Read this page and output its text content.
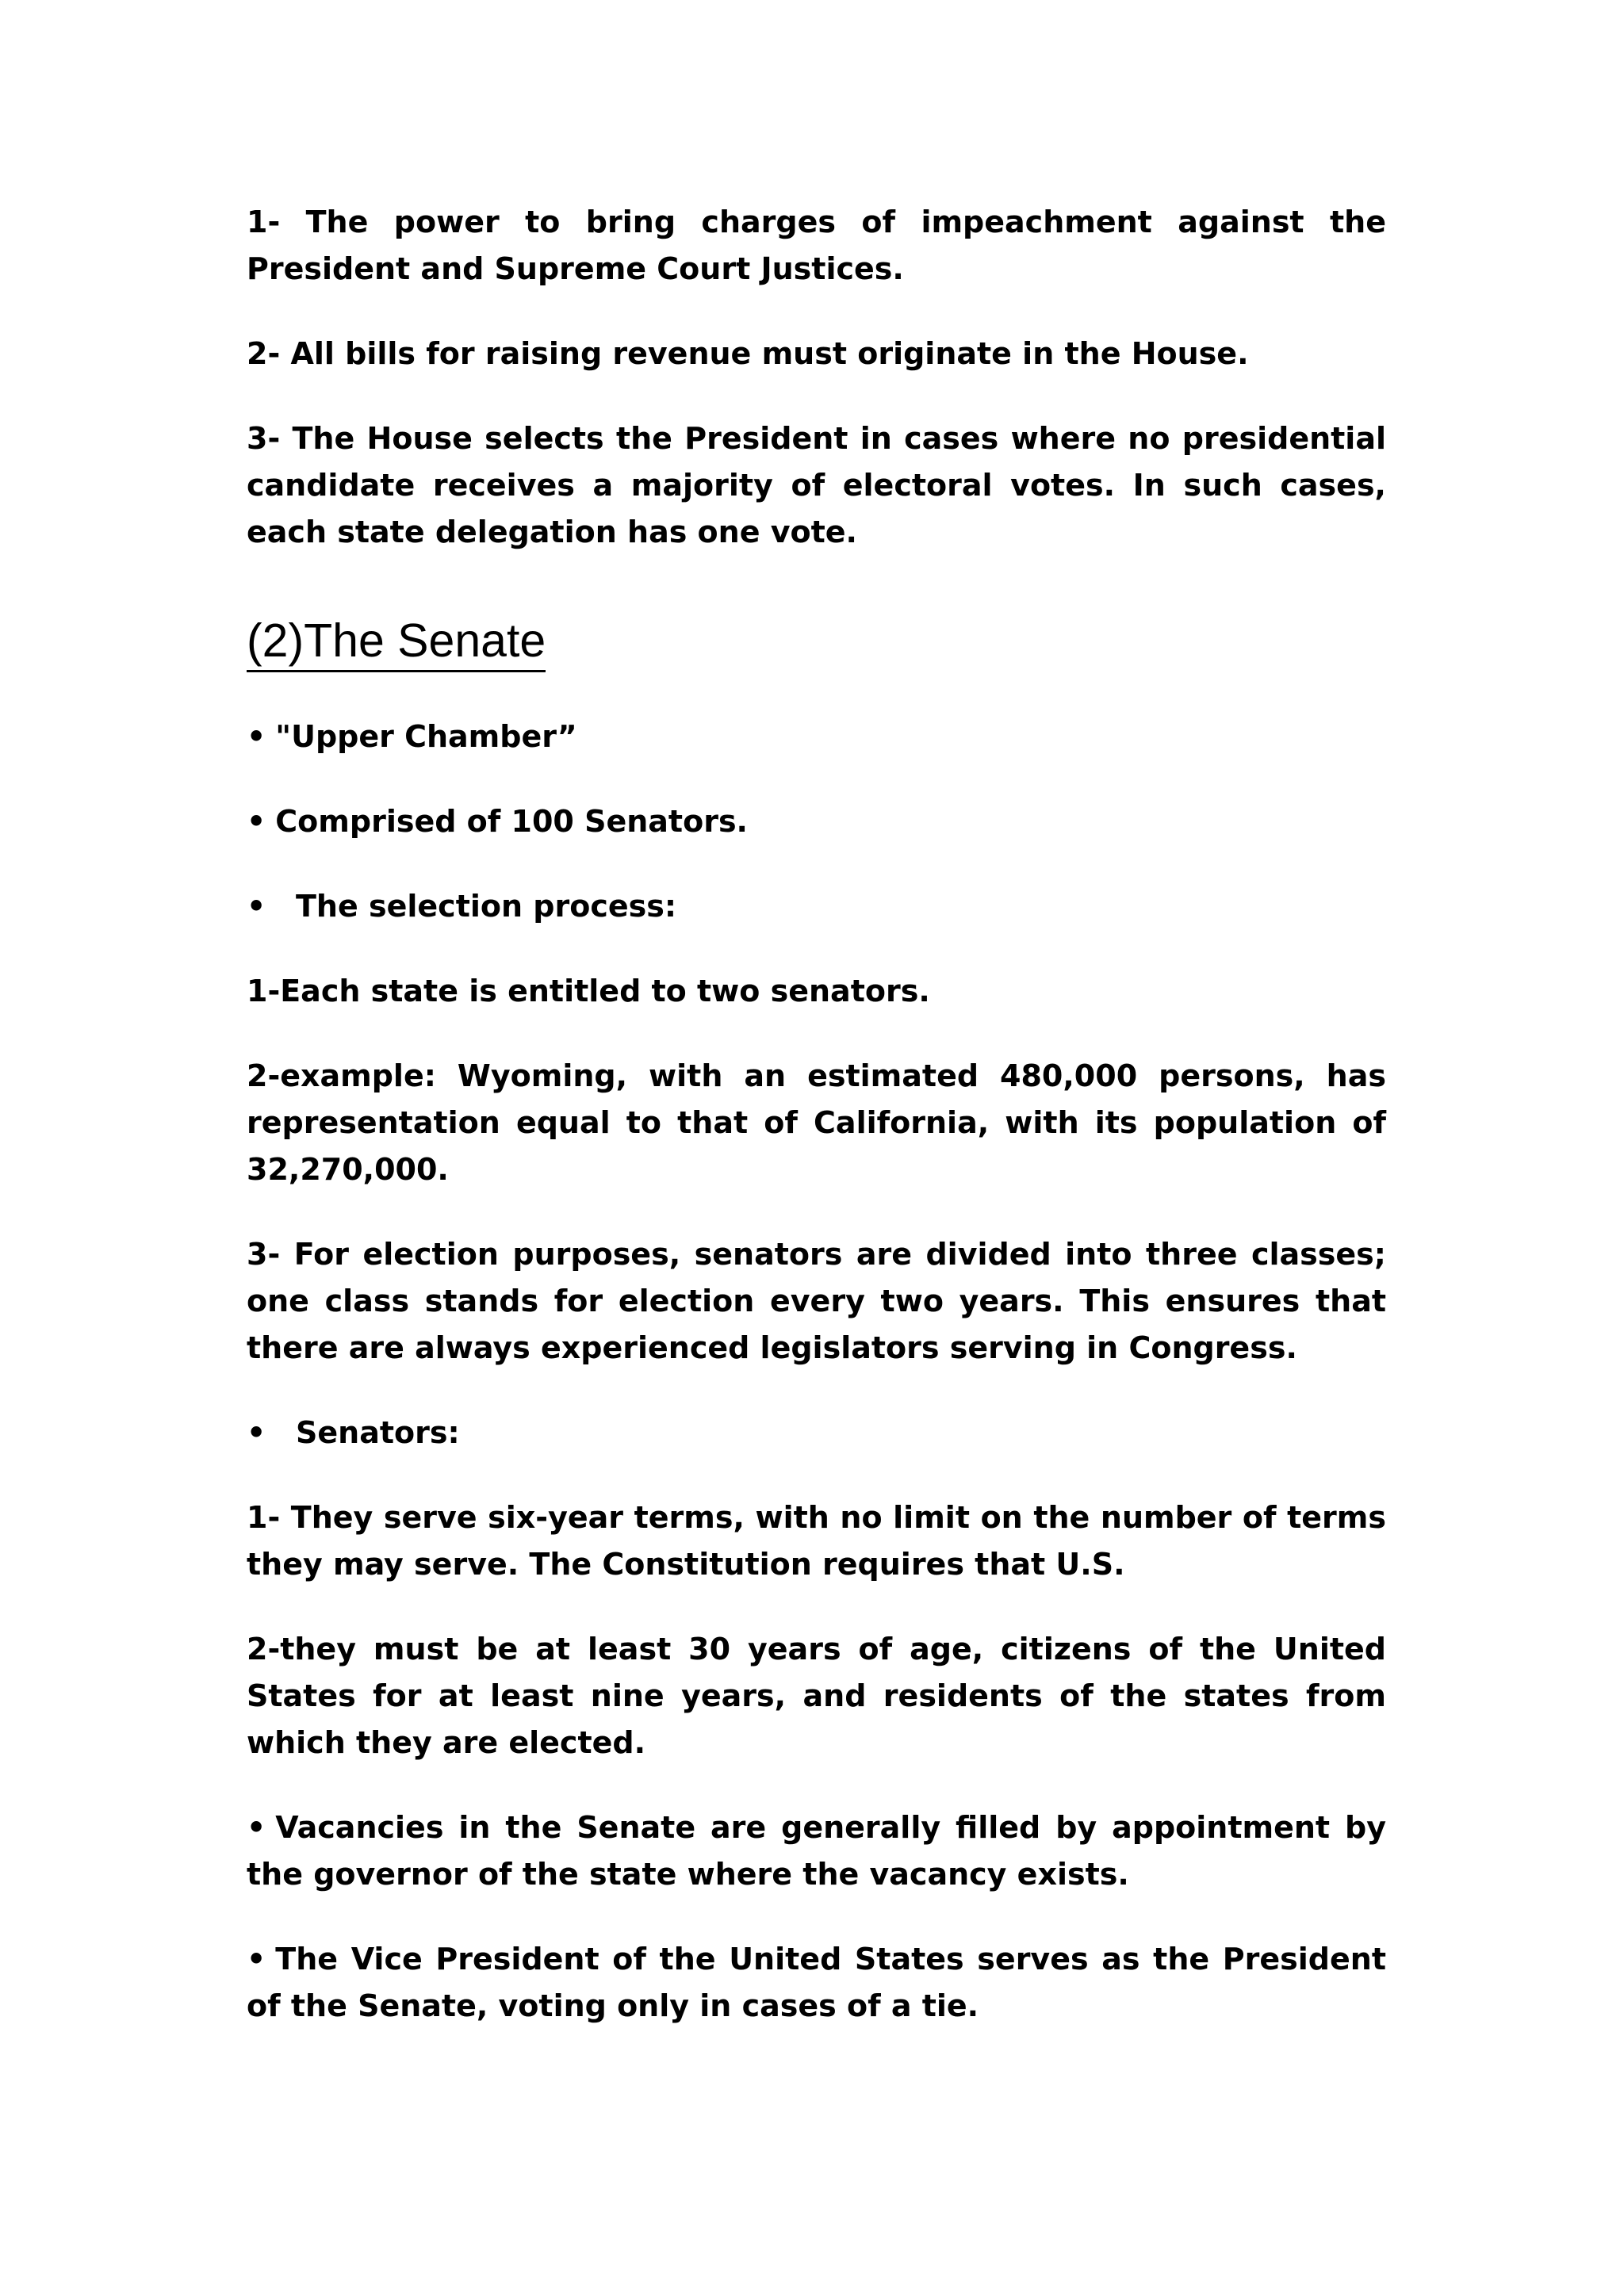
1- The power to bring charges of impeachment against the President and Supreme Court Justices.

2- All bills for raising revenue must originate in the House.

3- The House selects the President in cases where no presidential candidate receives a majority of electoral votes. In such cases, each state delegation has one vote.

(2)The Senate

• "Upper Chamber”

• Comprised of 100 Senators.

• The selection process:

1-Each state is entitled to two senators.

2-example: Wyoming, with an estimated 480,000 persons, has representation equal to that of California, with its population of 32,270,000.

3- For election purposes, senators are divided into three classes; one class stands for election every two years. This ensures that there are always experienced legislators serving in Congress.

• Senators:

1- They serve six-year terms, with no limit on the number of terms they may serve. The Constitution requires that U.S.

2-they must be at least 30 years of age, citizens of the United States for at least nine years, and residents of the states from which they are elected.

• Vacancies in the Senate are generally filled by appointment by the governor of the state where the vacancy exists.

• The Vice President of the United States serves as the President of the Senate, voting only in cases of a tie.
